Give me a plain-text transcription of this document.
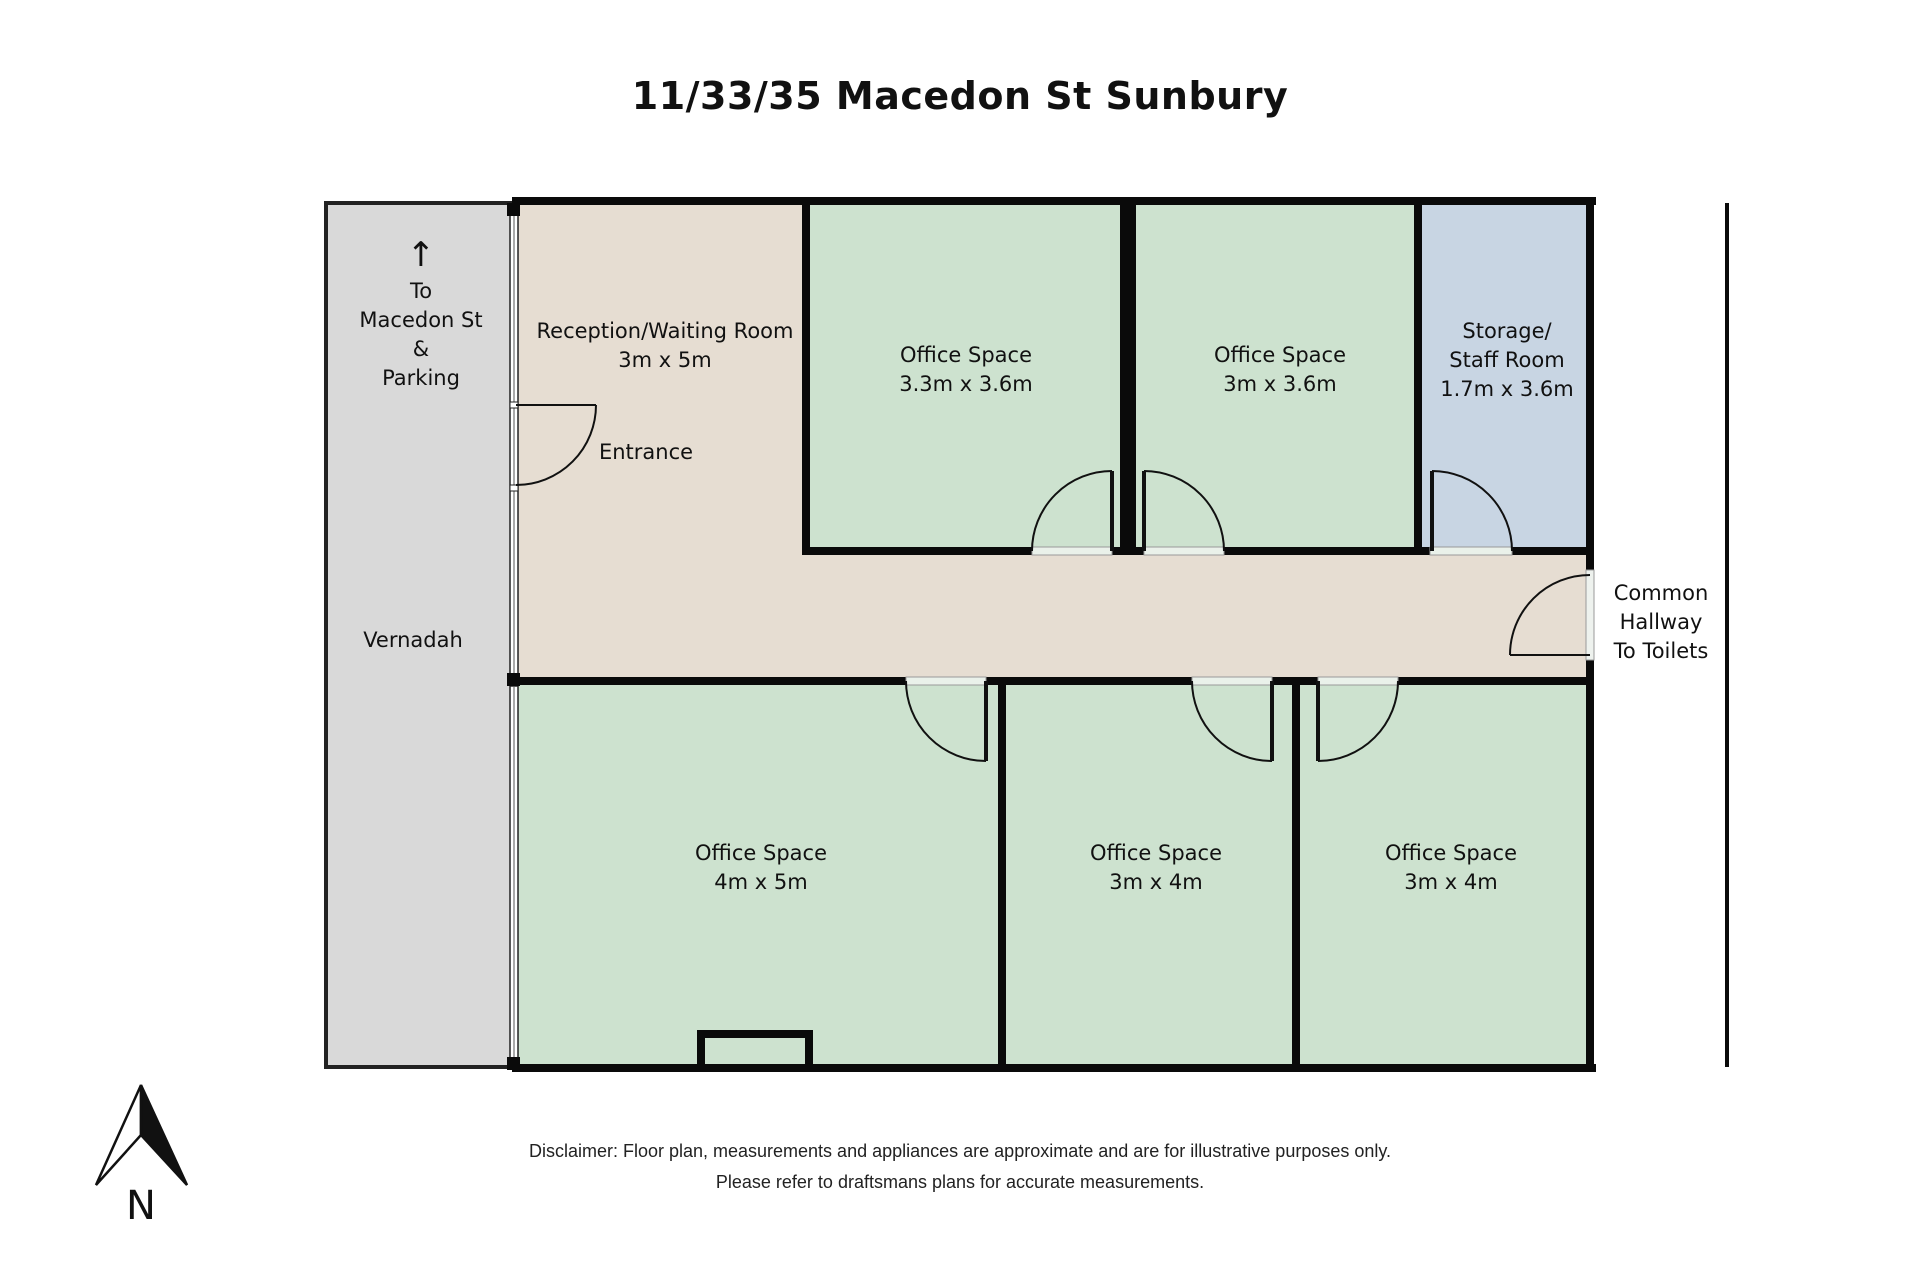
11/33/35 Macedon St Sunbury
↑
To
Macedon St
&
Parking
Vernadah
Reception/Waiting Room
3m x 5m
Entrance
Office Space
3.3m x 3.6m
Office Space
3m x 3.6m
Storage/
Staff Room
1.7m x 3.6m
Common
Hallway
To Toilets
Office Space
4m x 5m
Office Space
3m x 4m
Office Space
3m x 4m
N
Disclaimer: Floor plan, measurements and appliances are approximate and are for illustrative purposes only.
Please refer to draftsmans plans for accurate measurements.
